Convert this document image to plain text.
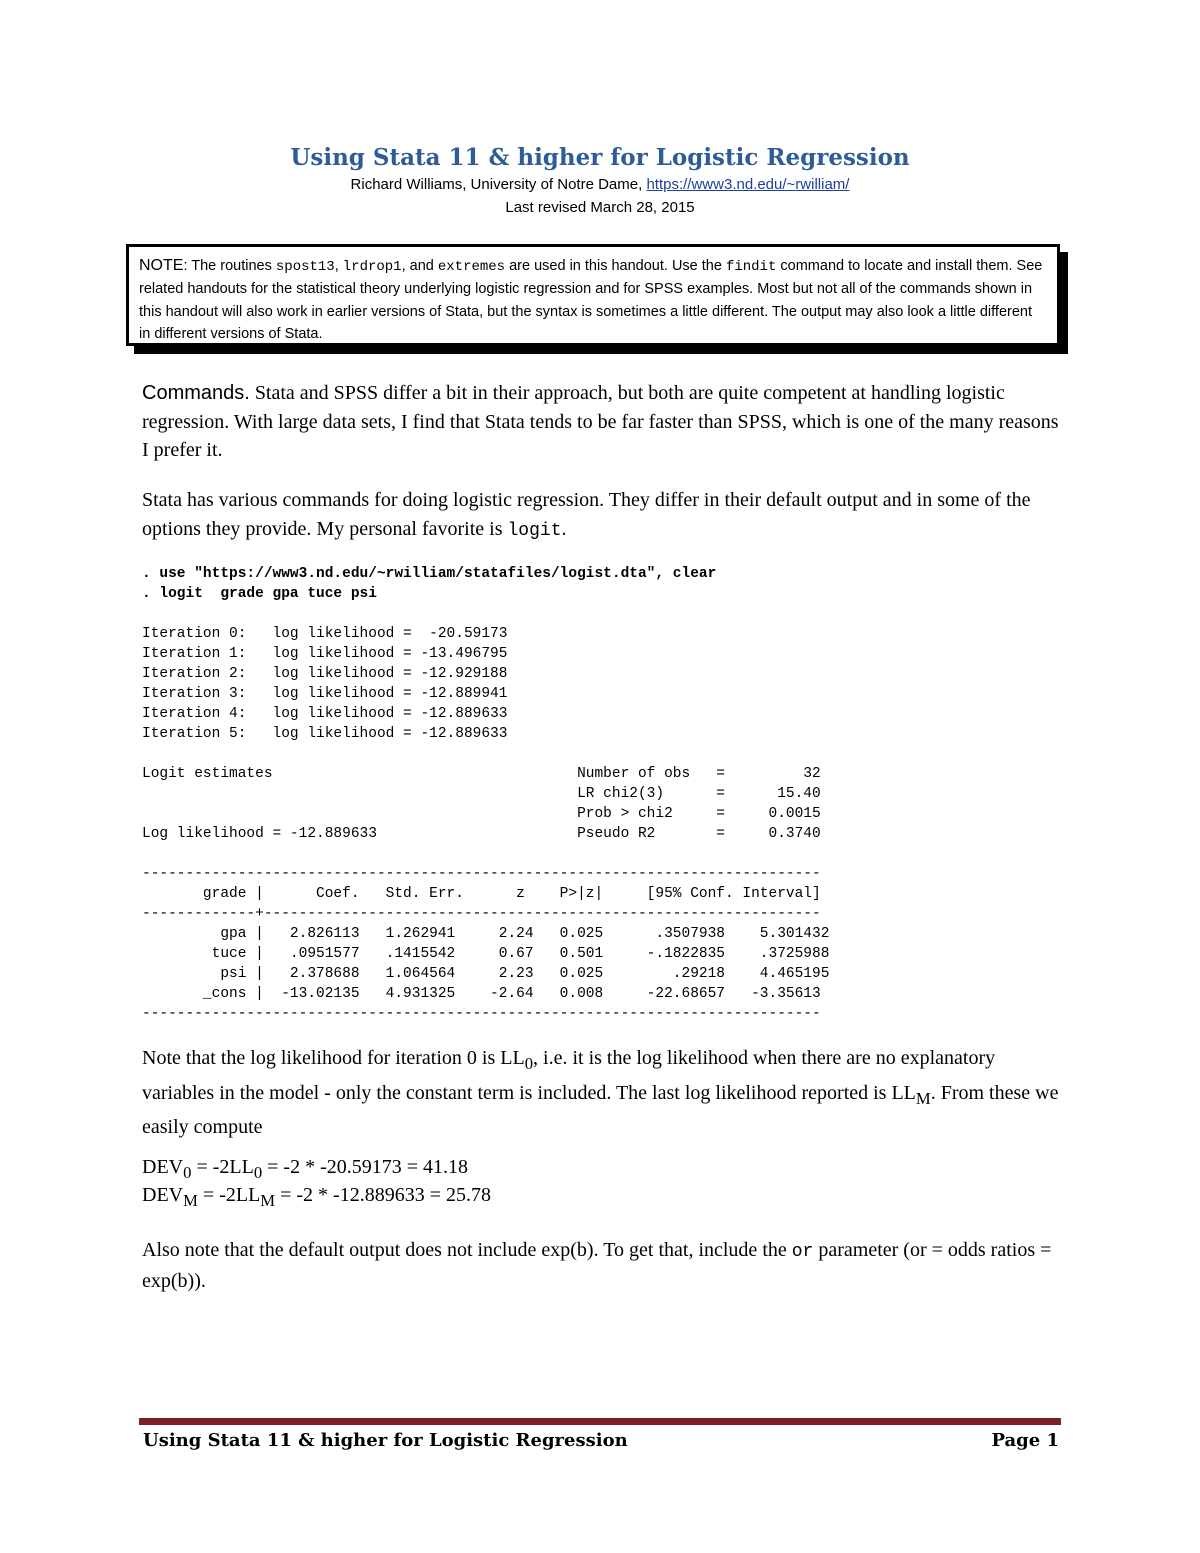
Using Stata 11 & higher for Logistic Regression
Richard Williams, University of Notre Dame, https://www3.nd.edu/~rwilliam/
Last revised March 28, 2015
NOTE: The routines spost13, lrdrop1, and extremes are used in this handout. Use the findit command to locate and install them. See related handouts for the statistical theory underlying logistic regression and for SPSS examples. Most but not all of the commands shown in this handout will also work in earlier versions of Stata, but the syntax is sometimes a little different. The output may also look a little different in different versions of Stata.
Commands. Stata and SPSS differ a bit in their approach, but both are quite competent at handling logistic regression. With large data sets, I find that Stata tends to be far faster than SPSS, which is one of the many reasons I prefer it.
Stata has various commands for doing logistic regression. They differ in their default output and in some of the options they provide. My personal favorite is logit.
. use "https://www3.nd.edu/~rwilliam/statafiles/logist.dta", clear
. logit  grade gpa tuce psi
Iteration 0:   log likelihood =  -20.59173
Iteration 1:   log likelihood = -13.496795
Iteration 2:   log likelihood = -12.929188
Iteration 3:   log likelihood = -12.889941
Iteration 4:   log likelihood = -12.889633
Iteration 5:   log likelihood = -12.889633

Logit estimates                                   Number of obs   =         32
LR chi2(3)      =      15.40
Prob > chi2     =     0.0015
Log likelihood = -12.889633                       Pseudo R2       =     0.3740

------------------------------------------------------------------------------
grade |      Coef.   Std. Err.      z    P>|z|     [95% Conf. Interval]
-------------+----------------------------------------------------------------
gpa |   2.826113   1.262941     2.24   0.025      .3507938    5.301432
tuce |   .0951577   .1415542     0.67   0.501     -.1822835    .3725988
psi |   2.378688   1.064564     2.23   0.025        .29218    4.465195
_cons |  -13.02135   4.931325    -2.64   0.008     -22.68657   -3.35613
------------------------------------------------------------------------------
Note that the log likelihood for iteration 0 is $LL_0$, i.e. it is the log likelihood when there are no explanatory variables in the model - only the constant term is included. The last log likelihood reported is $LL_M$. From these we easily compute
$DEV_0 = -2LL_0 = -2 * -20.59173 = 41.18$
$DEV_M = -2LL_M = -2 * -12.889633 = 25.78$
Also note that the default output does not include exp(b). To get that, include the or parameter (or = odds ratios = exp(b)).
Using Stata 11 & higher for Logistic Regression	Page 1
